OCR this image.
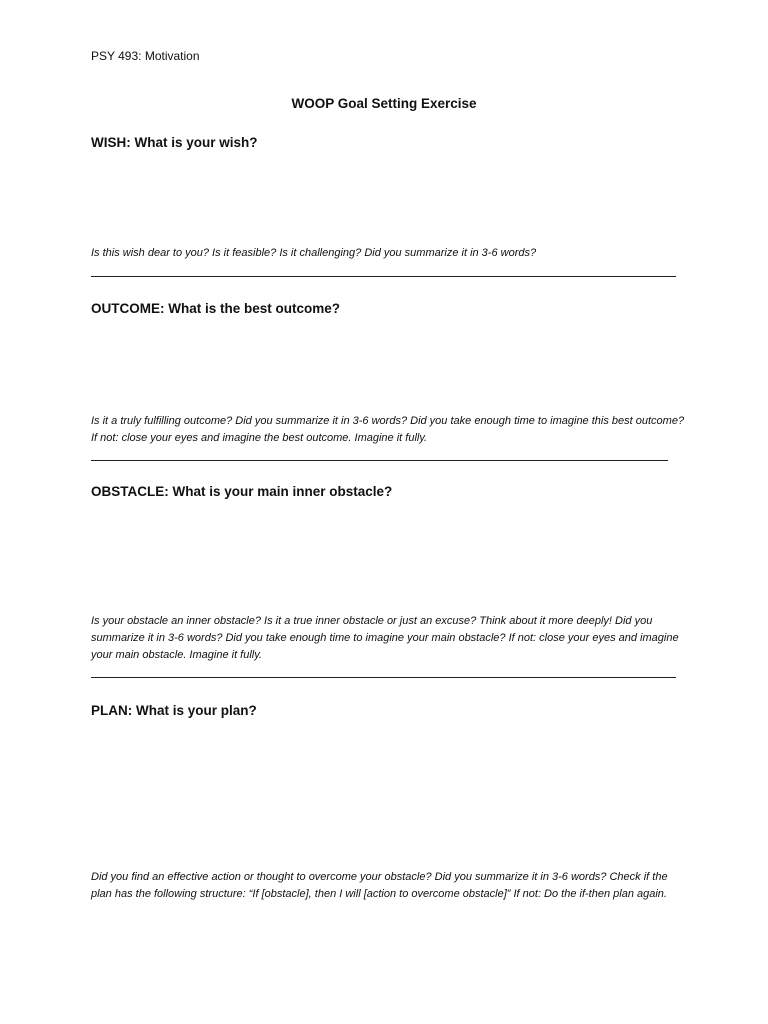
PSY 493: Motivation
WOOP Goal Setting Exercise
WISH: What is your wish?
Is this wish dear to you? Is it feasible? Is it challenging? Did you summarize it in 3-6 words?
OUTCOME: What is the best outcome?
Is it a truly fulfilling outcome? Did you summarize it in 3-6 words? Did you take enough time to imagine this best outcome? If not: close your eyes and imagine the best outcome. Imagine it fully.
OBSTACLE: What is your main inner obstacle?
Is your obstacle an inner obstacle? Is it a true inner obstacle or just an excuse? Think about it more deeply! Did you summarize it in 3-6 words? Did you take enough time to imagine your main obstacle? If not: close your eyes and imagine your main obstacle. Imagine it fully.
PLAN: What is your plan?
Did you find an effective action or thought to overcome your obstacle? Did you summarize it in 3-6 words? Check if the plan has the following structure: “If [obstacle], then I will [action to overcome obstacle]” If not: Do the if-then plan again.
